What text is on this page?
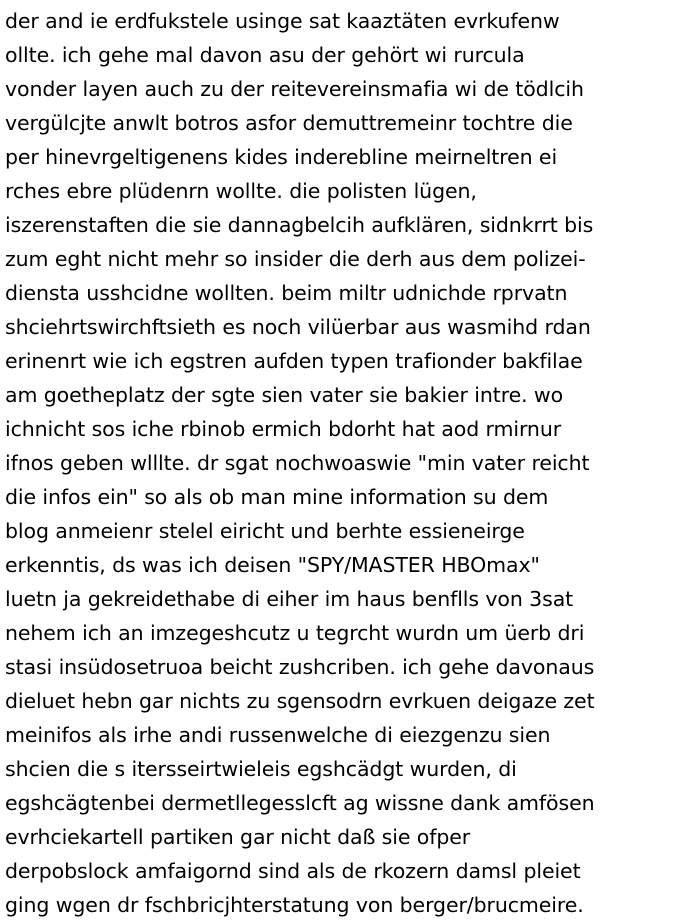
der and ie erdfukstele usinge sat kaaztäten evrkufenw
ollte. ich gehe mal davon asu der gehört wi rurcula
vonder layen auch zu der reitevereinsmafia wi de tödlcih
vergülcjte anwlt botros asfor demuttremeinr tochtre die
per hinevrgeltigenens kides inderebline meirneltren ei
rches ebre plüdenrn wollte. die polisten lügen,
iszerenstaften die sie dannagbelcih aufklären, sidnkrrt bis
zum eght nicht mehr so insider die derh aus dem polizei-
diensta usshcidne wollten. beim miltr udnichde rprvatn
shciehrtswirchftsieth es noch vilüerbar aus wasmihd rdan
erinenrt wie ich egstren aufden typen trafionder bakfilae
am goetheplatz der sgte sien vater sie bakier intre. wo
ichnicht sos iche rbinob ermich bdorht hat aod rmirnur
ifnos geben wlllte. dr sgat nochwoaswie "min vater reicht
die infos ein" so als ob man mine information su dem
blog anmeienr stelel eiricht und berhte essieneirge
erkenntis, ds was ich deisen "SPY/MASTER HBOmax"
luetn ja gekreidethabe di eiher im haus benflls von 3sat
nehem ich an imzegeshcutz u tegrcht wurdn um üerb dri
stasi insüdosetruoa beicht zushcriben. ich gehe davonaus
dieluet hebn gar nichts zu sgensodrn evrkuen deigaze zet
meinifos als irhe andi russenwelche di eiezgenzu sien
shcien die s itersseirtwieleis egshcädgt wurden, di
egshcägtenbei dermetllegesslcft ag wissne dank amfösen
evrhciekartell partiken gar nicht daß sie ofper
derpobslock amfaigornd sind als de rkozern damsl pleiet
ging wgen dr fschbricjhterstatung von berger/brucmeire.
